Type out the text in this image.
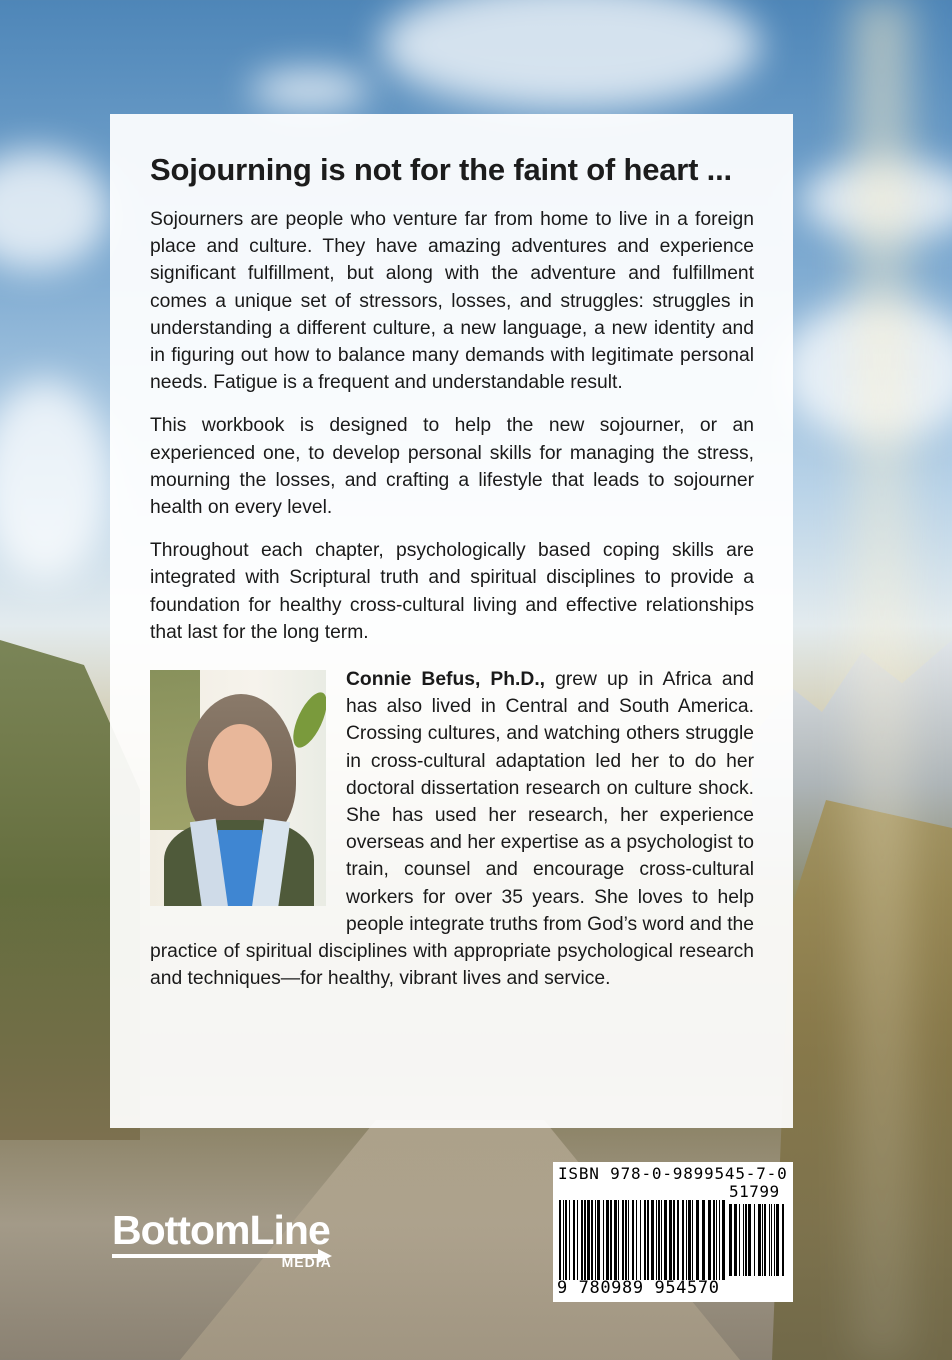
Sojourning is not for the faint of heart ...

Sojourners are people who venture far from home to live in a foreign place and culture. They have amazing adventures and experience significant fulfillment, but along with the adventure and fulfillment comes a unique set of stressors, losses, and struggles: struggles in understanding a different culture, a new language, a new identity and in figuring out how to balance many demands with legitimate personal needs. Fatigue is a frequent and understandable result.

This workbook is designed to help the new sojourner, or an experienced one, to develop personal skills for managing the stress, mourning the losses, and crafting a lifestyle that leads to sojourner health on every level.

Throughout each chapter, psychologically based coping skills are integrated with Scriptural truth and spiritual disciplines to provide a foundation for healthy cross-cultural living and effective relationships that last for the long term.

Connie Befus, Ph.D., grew up in Africa and has also lived in Central and South America. Crossing cultures, and watching others struggle in cross-cultural adaptation led her to do her doctoral dissertation research on culture shock. She has used her research, her experience overseas and her expertise as a psychologist to train, counsel and encourage cross-cultural workers for over 35 years. She loves to help people integrate truths from God’s word and the practice of spiritual disciplines with appropriate psychological research and techniques—for healthy, vibrant lives and service.

BottomLine
MEDIA
ISBN 978-0-9899545-7-0
51799
9 780989 954570
